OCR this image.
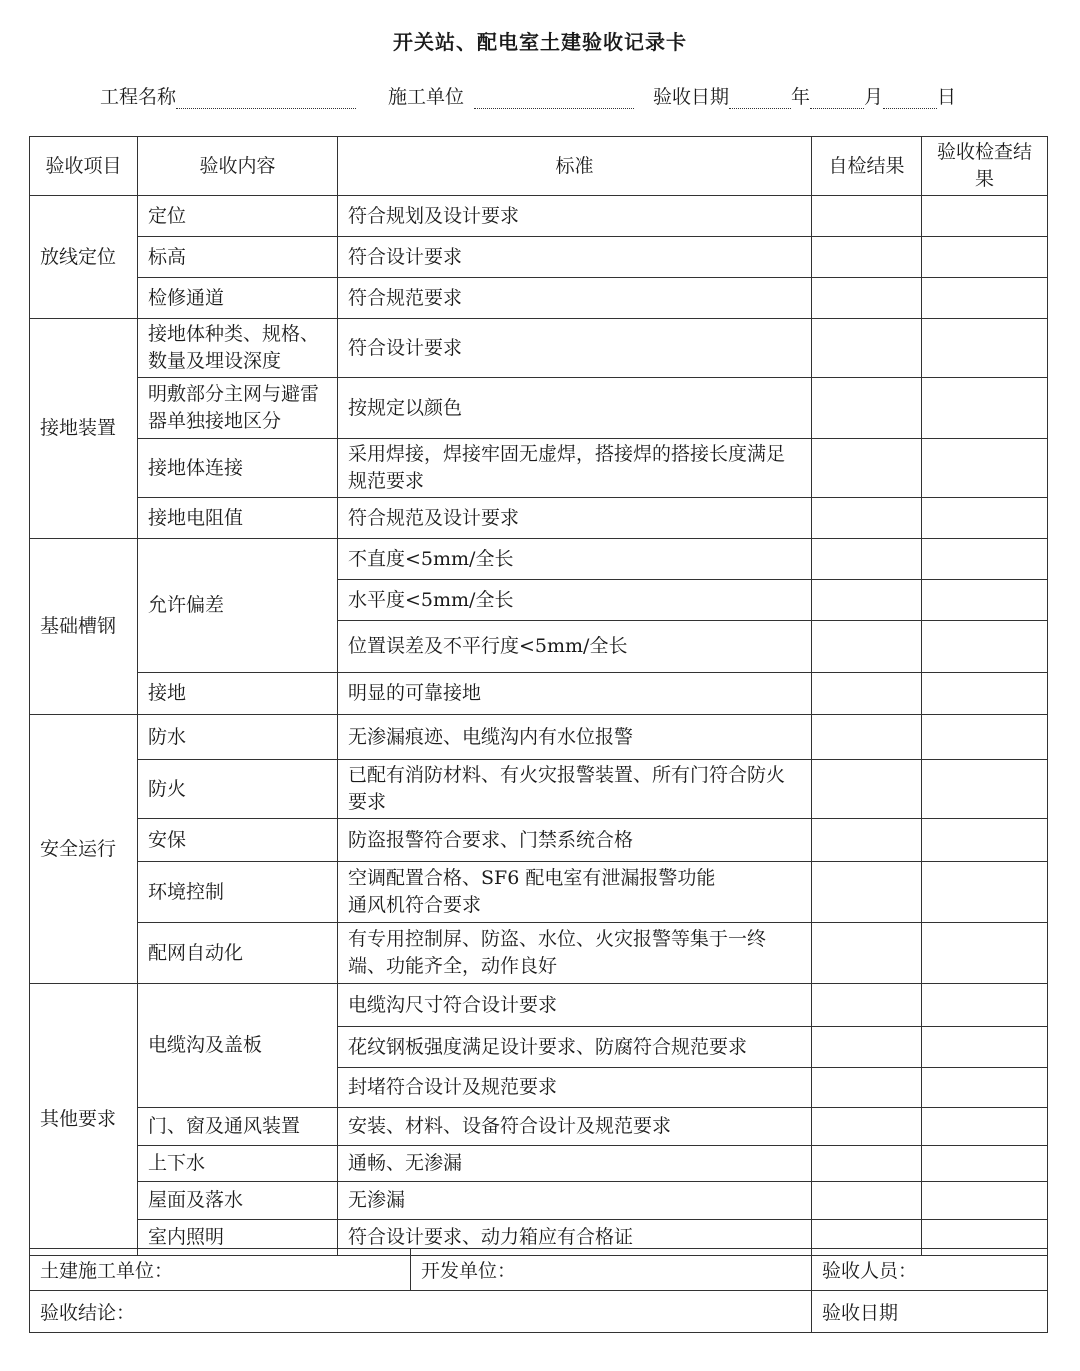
开关站、配电室土建验收记录卡
工程名称	施工单位	验收日期	年	月	日
验收项目	验收内容	标准	自检结果	验收检查结果
放线定位	定位	符合规划及设计要求		
	标高	符合设计要求		
	检修通道	符合规范要求		
接地装置	接地体种类、规格、数量及埋设深度	符合设计要求		
	明敷部分主网与避雷器单独接地区分	按规定以颜色		
	接地体连接	采用焊接，焊接牢固无虚焊，搭接焊的搭接长度满足规范要求		
	接地电阻值	符合规范及设计要求		
基础槽钢	允许偏差	不直度<5mm/全长		
		水平度<5mm/全长		
		位置误差及不平行度<5mm/全长		
	接地	明显的可靠接地		
安全运行	防水	无渗漏痕迹、电缆沟内有水位报警		
	防火	已配有消防材料、有火灾报警装置、所有门符合防火要求		
	安保	防盗报警符合要求、门禁系统合格		
	环境控制	空调配置合格、SF6 配电室有泄漏报警功能
通风机符合要求		

	配网自动化	有专用控制屏、防盗、水位、火灾报警等集于一终端、功能齐全，动作良好		
其他要求	电缆沟及盖板	电缆沟尺寸符合设计要求		
		花纹钢板强度满足设计要求、防腐符合规范要求		
		封堵符合设计及规范要求		
	门、窗及通风装置	安装、材料、设备符合设计及规范要求		
	上下水	通畅、无渗漏		
	屋面及落水	无渗漏		
	室内照明	符合设计要求、动力箱应有合格证		
土建施工单位：	开发单位：	验收人员：
验收结论：		验收日期
